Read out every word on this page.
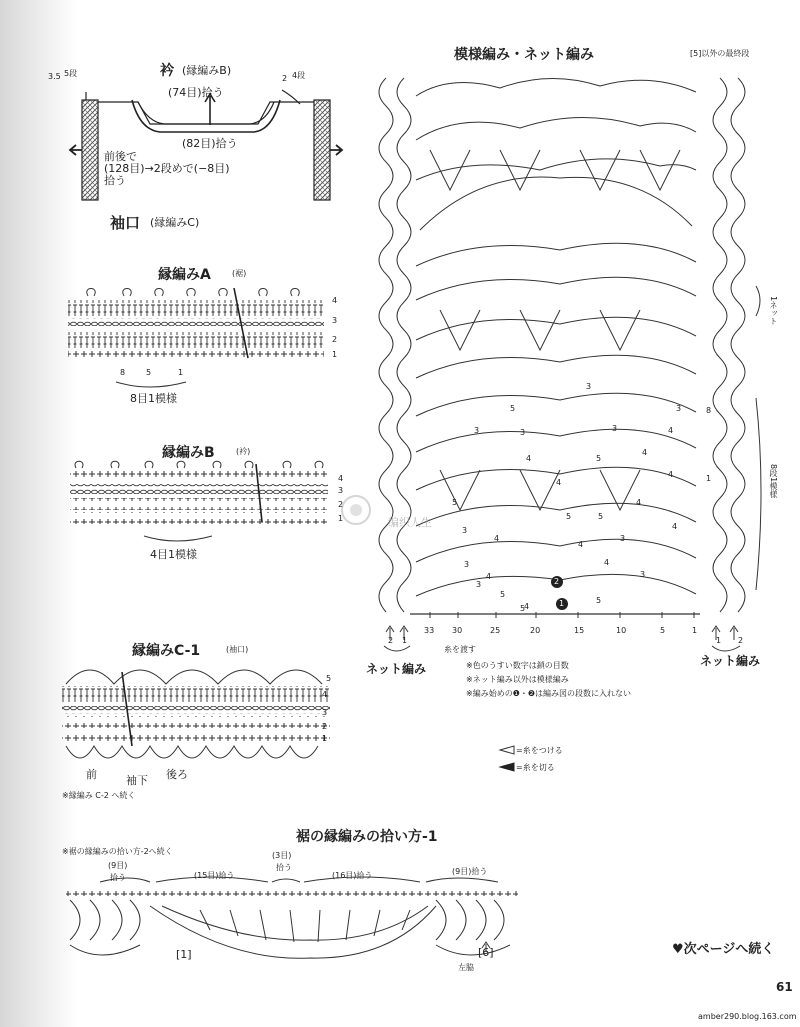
衿 (縁編みB)
3.5 5段
2 4段
(74目)拾う
(82目)拾う
前後で
(128目)→2段めで(−8目)
拾う
袖口 (縁編みC)
縁編みA	(裾)
4
3
2
1
8	5	1
8目1模様
縁編みB	(衿)
4
3
2
1
4目1模様
縁編みC-1	(袖口)
5
4
3
2
1
前	袖下 後ろ
※縁編み C-2 へ続く
模様編み・ネット編み	[5]以外の最終段
1ネット
8段1模様
8
1
2
1
3
4
5
3
4
5
3
4
5
3
4
5
3
4
5
3
4
3
4
3
3
4
4
3
5
4
5
4
5
4
33 30	25	20	15	10	5	1
2 1	1 2
ネット編み
ネット編み
糸を渡す
※色のうすい数字は鎖の目数
※ネット編み以外は模様編み
※編み始めの❶・❷は編み図の段数に入れない
=糸をつける
=糸を切る
编织人生
裾の縁編みの拾い方-1
※裾の縁編みの拾い方-2へ続く
(9目)
拾う	(15目)拾う
(3目)
拾う
(16目)拾う	(9目)拾う
[1]	[6]
左脇
♥次ページへ続く
61
amber290.blog.163.com
